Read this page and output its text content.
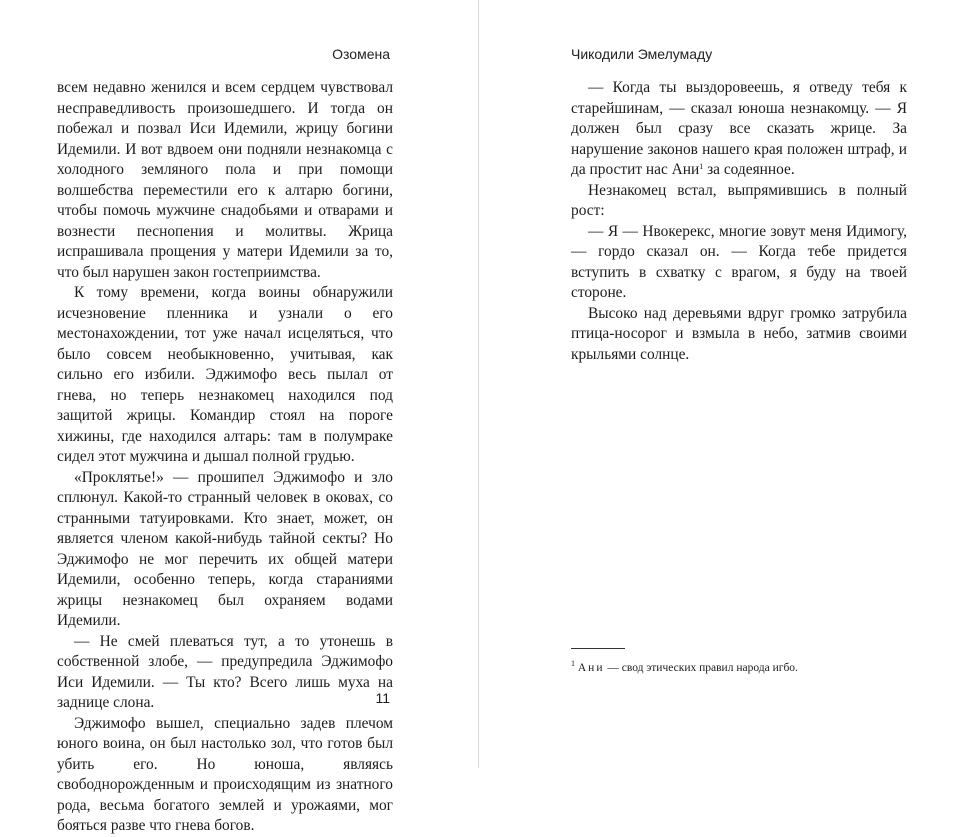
Озомена

всем недавно женился и всем сердцем чувствовал несправедливость произошедшего. И тогда он побежал и позвал Иси Идемили, жрицу богини Идемили. И вот вдвоем они подняли незнакомца с холодного земляного пола и при помощи волшебства переместили его к алтарю богини, чтобы помочь мужчине снадобьями и отварами и вознести песнопения и молитвы. Жрица испрашивала прощения у матери Идемили за то, что был нарушен закон гостеприимства.

К тому времени, когда воины обнаружили исчезновение пленника и узнали о его местонахождении, тот уже начал исцеляться, что было совсем необыкновенно, учитывая, как сильно его избили. Эджимофо весь пылал от гнева, но теперь незнакомец находился под защитой жрицы. Командир стоял на пороге хижины, где находился алтарь: там в полумраке сидел этот мужчина и дышал полной грудью.

«Проклятье!» — прошипел Эджимофо и зло сплюнул. Какой-то странный человек в оковах, со странными татуировками. Кто знает, может, он является членом какой-нибудь тайной секты? Но Эджимофо не мог перечить их общей матери Идемили, особенно теперь, когда стараниями жрицы незнакомец был охраняем водами Идемили.

— Не смей плеваться тут, а то утонешь в собственной злобе, — предупредила Эджимофо Иси Идемили. — Ты кто? Всего лишь муха на заднице слона.

Эджимофо вышел, специально задев плечом юного воина, он был настолько зол, что готов был убить его. Но юноша, являясь свободнорожденным и происходящим из знатного рода, весьма богатого землей и урожаями, мог бояться разве что гнева богов.

11
Чикодили Эмелумаду

— Когда ты выздоровеешь, я отведу тебя к старейшинам, — сказал юноша незнакомцу. — Я должен был сразу все сказать жрице. За нарушение законов нашего края положен штраф, и да простит нас Ани$^1$ за содеянное.

Незнакомец встал, выпрямившись в полный рост:

— Я — Нвокерекс, многие зовут меня Идимогу, — гордо сказал он. — Когда тебе придется вступить в схватку с врагом, я буду на твоей стороне.

Высоко над деревьями вдруг громко затрубила птица-носорог и взмыла в небо, затмив своими крыльями солнце.

$^1$ Ани — свод этических правил народа игбо.
